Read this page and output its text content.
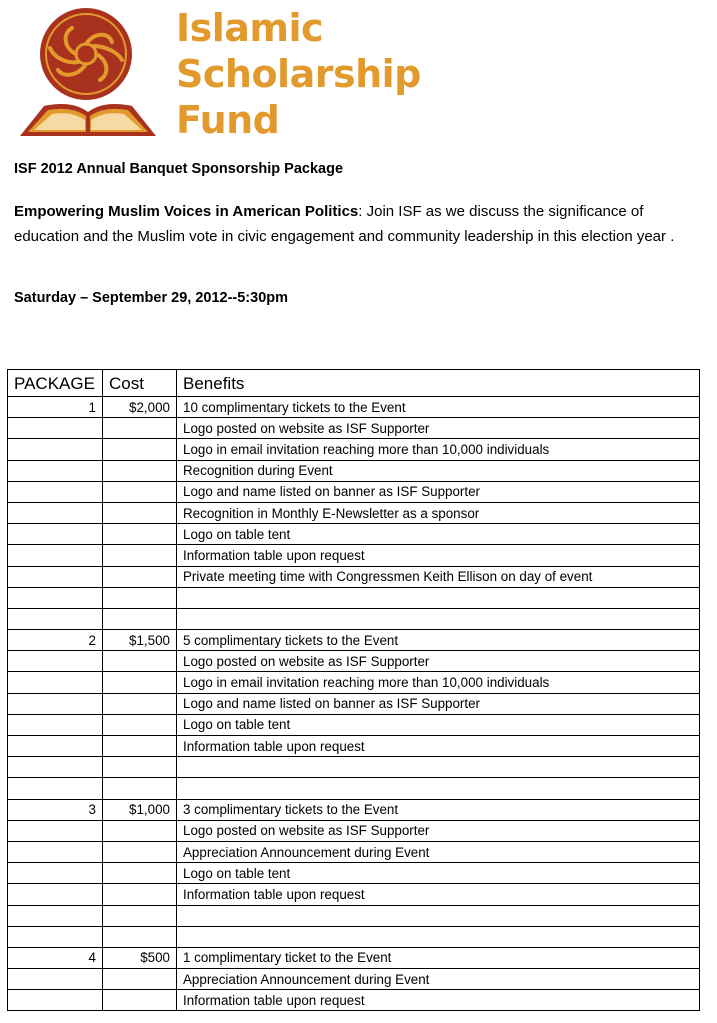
Islamic
Scholarship
Fund
ISF 2012 Annual Banquet Sponsorship Package
Empowering Muslim Voices in American Politics: Join ISF as we discuss the significance of education and the Muslim vote in civic engagement and community leadership in this election year .
Saturday – September 29, 2012--5:30pm
PACKAGE	Cost	Benefits
1	$2,000	10 complimentary tickets to the Event
		Logo posted on website as ISF Supporter
		Logo in email invitation reaching more than 10,000 individuals
		Recognition during Event
		Logo and name listed on banner as ISF Supporter
		Recognition in Monthly E-Newsletter as a sponsor
		Logo on table tent
		Information table upon request
		Private meeting time with Congressmen Keith Ellison on day of event

2	$1,500	5 complimentary tickets to the Event
		Logo posted on website as ISF Supporter
		Logo in email invitation reaching more than 10,000 individuals
		Logo and name listed on banner as ISF Supporter
		Logo on table tent
		Information table upon request

3	$1,000	3 complimentary tickets to the Event
		Logo posted on website as ISF Supporter
		Appreciation Announcement during Event
		Logo on table tent
		Information table upon request

4	$500	1 complimentary ticket to the Event
		Appreciation Announcement during Event
		Information table upon request
